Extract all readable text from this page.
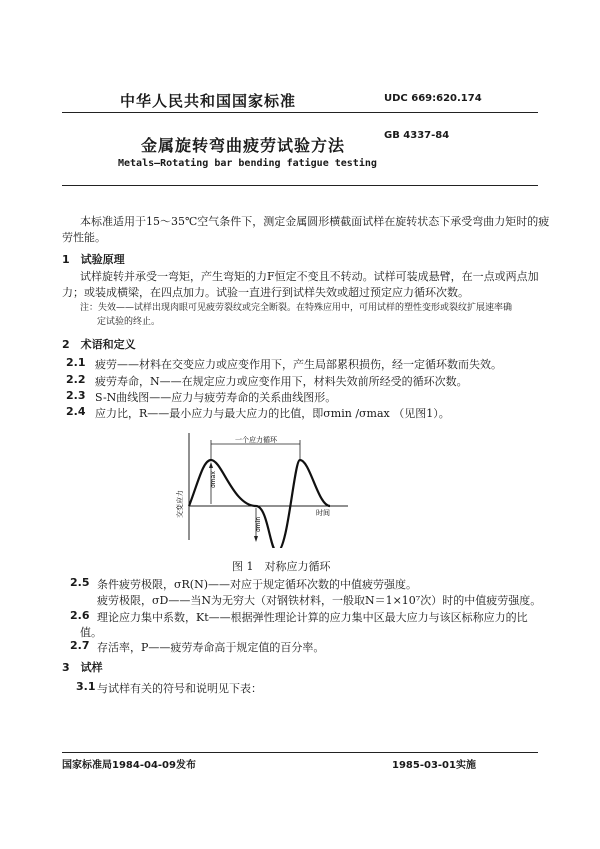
中华人民共和国国家标准	UDC 669:620.174
金属旋转弯曲疲劳试验方法
GB 4337-84
Metals—Rotating bar bending fatigue testing
本标准适用于15～35℃空气条件下，测定金属圆形横截面试样在旋转状态下承受弯曲力矩时的疲
劳性能。
1　试验原理
试样旋转并承受一弯矩，产生弯矩的力F恒定不变且不转动。试样可装成悬臂，在一点或两点加
力；或装成横梁，在四点加力。试验一直进行到试样失效或超过预定应力循环次数。
注：失效——试样出现肉眼可见疲劳裂纹或完全断裂。在特殊应用中，可用试样的塑性变形或裂纹扩展速率确
定试验的终止。
2　术语和定义
2.1 疲劳——材料在交变应力或应变作用下，产生局部累积损伤，经一定循环数而失效。
2.2 疲劳寿命，N——在规定应力或应变作用下，材料失效前所经受的循环次数。
2.3 S-N曲线图——应力与疲劳寿命的关系曲线图形。
2.4 应力比，R——最小应力与最大应力的比值，即σmin /σmax （见图1）。
一个应力循环
σmax
σmin
交变应力	时间
图 1　对称应力循环
2.5 条件疲劳极限，σR(N)——对应于规定循环次数的中值疲劳强度。
疲劳极限，σD——当N为无穷大（对钢铁材料，一般取N＝1×10⁷次）时的中值疲劳强度。
2.6 理论应力集中系数，Kt——根据弹性理论计算的应力集中区最大应力与该区标称应力的比
值。
2.7 存活率，P——疲劳寿命高于规定值的百分率。
3　试样
3.1 与试样有关的符号和说明见下表：
国家标准局1984-04-09发布	1985-03-01实施
